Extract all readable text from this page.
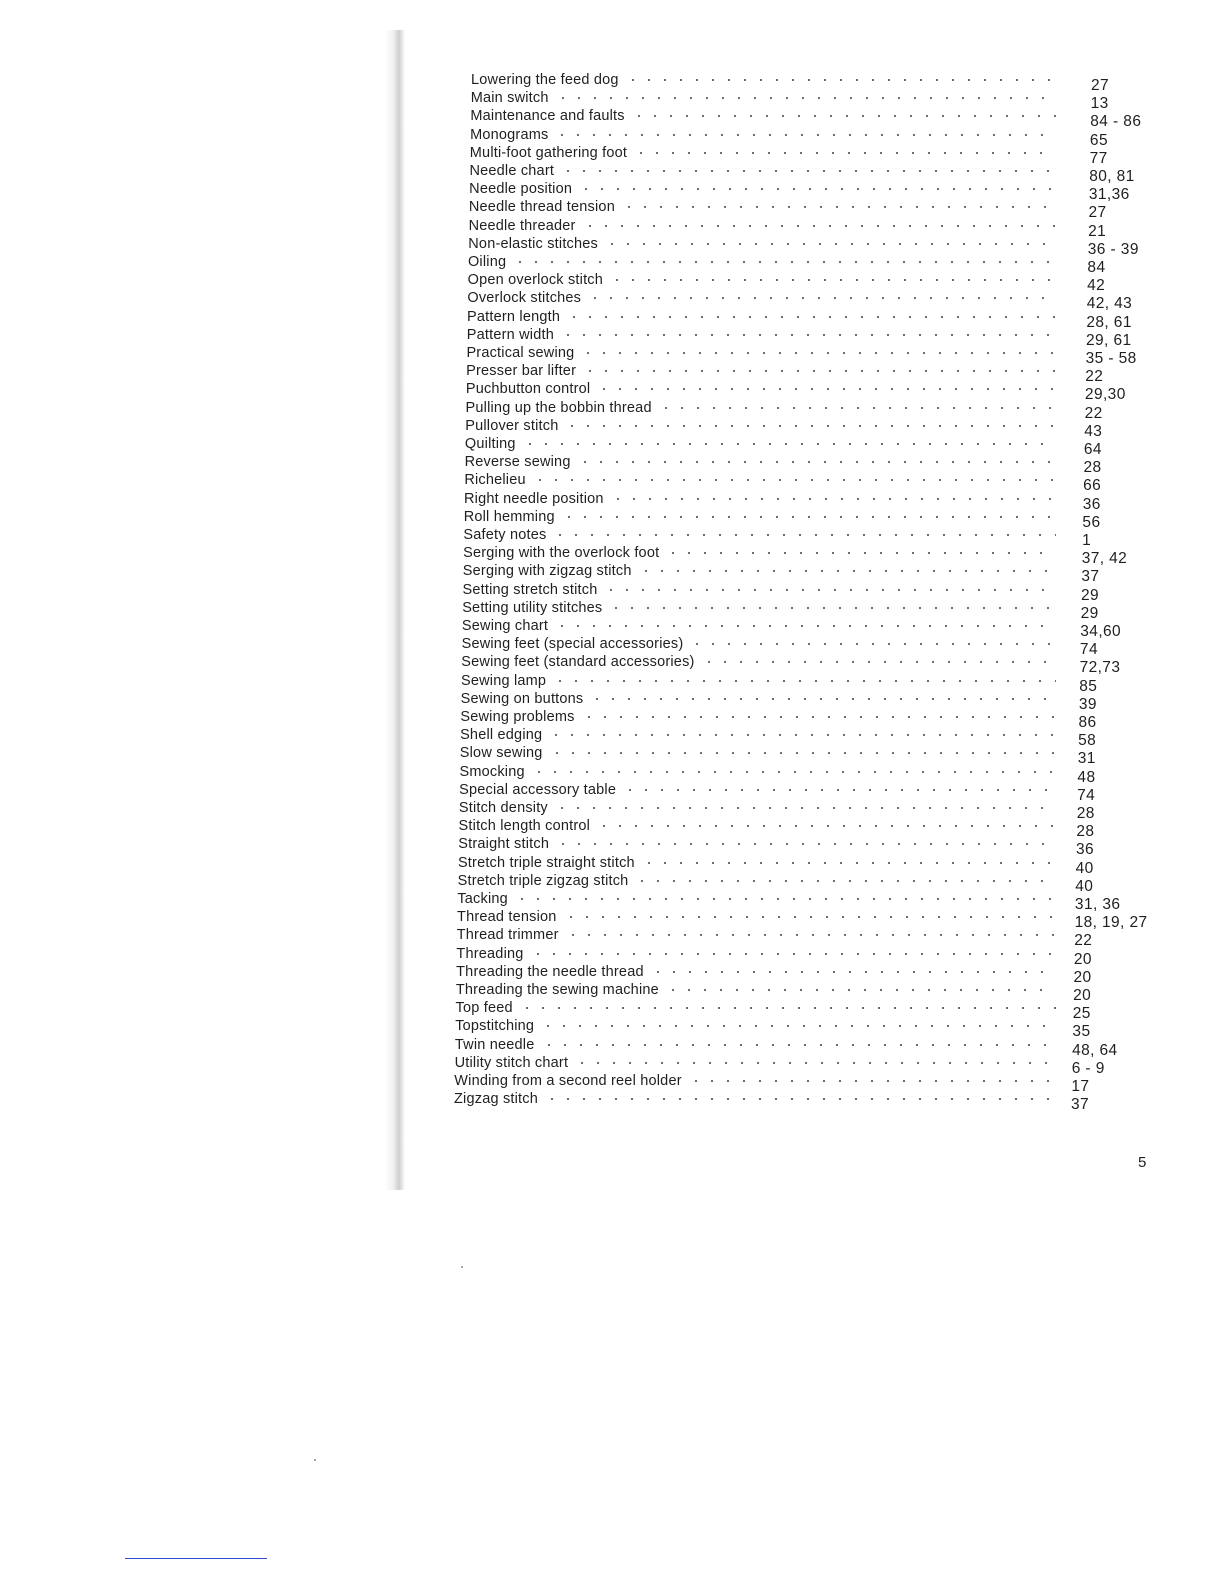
Lowering the feed dog	27
Main switch	13
Maintenance and faults	84 - 86
Monograms	65
Multi-foot gathering foot	77
Needle chart	80, 81
Needle position	31,36
Needle thread tension	27
Needle threader	21
Non-elastic stitches	36 - 39
Oiling	84
Open overlock stitch	42
Overlock stitches	42, 43
Pattern length	28, 61
Pattern width	29, 61
Practical sewing	35 - 58
Presser bar lifter	22
Puchbutton control	29,30
Pulling up the bobbin thread	22
Pullover stitch	43
Quilting	64
Reverse sewing	28
Richelieu	66
Right needle position	36
Roll hemming	56
Safety notes	1
Serging with the overlock foot	37, 42
Serging with zigzag stitch	37
Setting stretch stitch	29
Setting utility stitches	29
Sewing chart	34,60
Sewing feet (special accessories)	74
Sewing feet (standard accessories)	72,73
Sewing lamp	85
Sewing on buttons	39
Sewing problems	86
Shell edging	58
Slow sewing	31
Smocking	48
Special accessory table	74
Stitch density	28
Stitch length control	28
Straight stitch	36
Stretch triple straight stitch	40
Stretch triple zigzag stitch	40
Tacking	31, 36
Thread tension	18, 19, 27
Thread trimmer	22
Threading	20
Threading the needle thread	20
Threading the sewing machine	20
Top feed	25
Topstitching	35
Twin needle	48, 64
Utility stitch chart	6 - 9
Winding from a second reel holder	17
Zigzag stitch	37
5
